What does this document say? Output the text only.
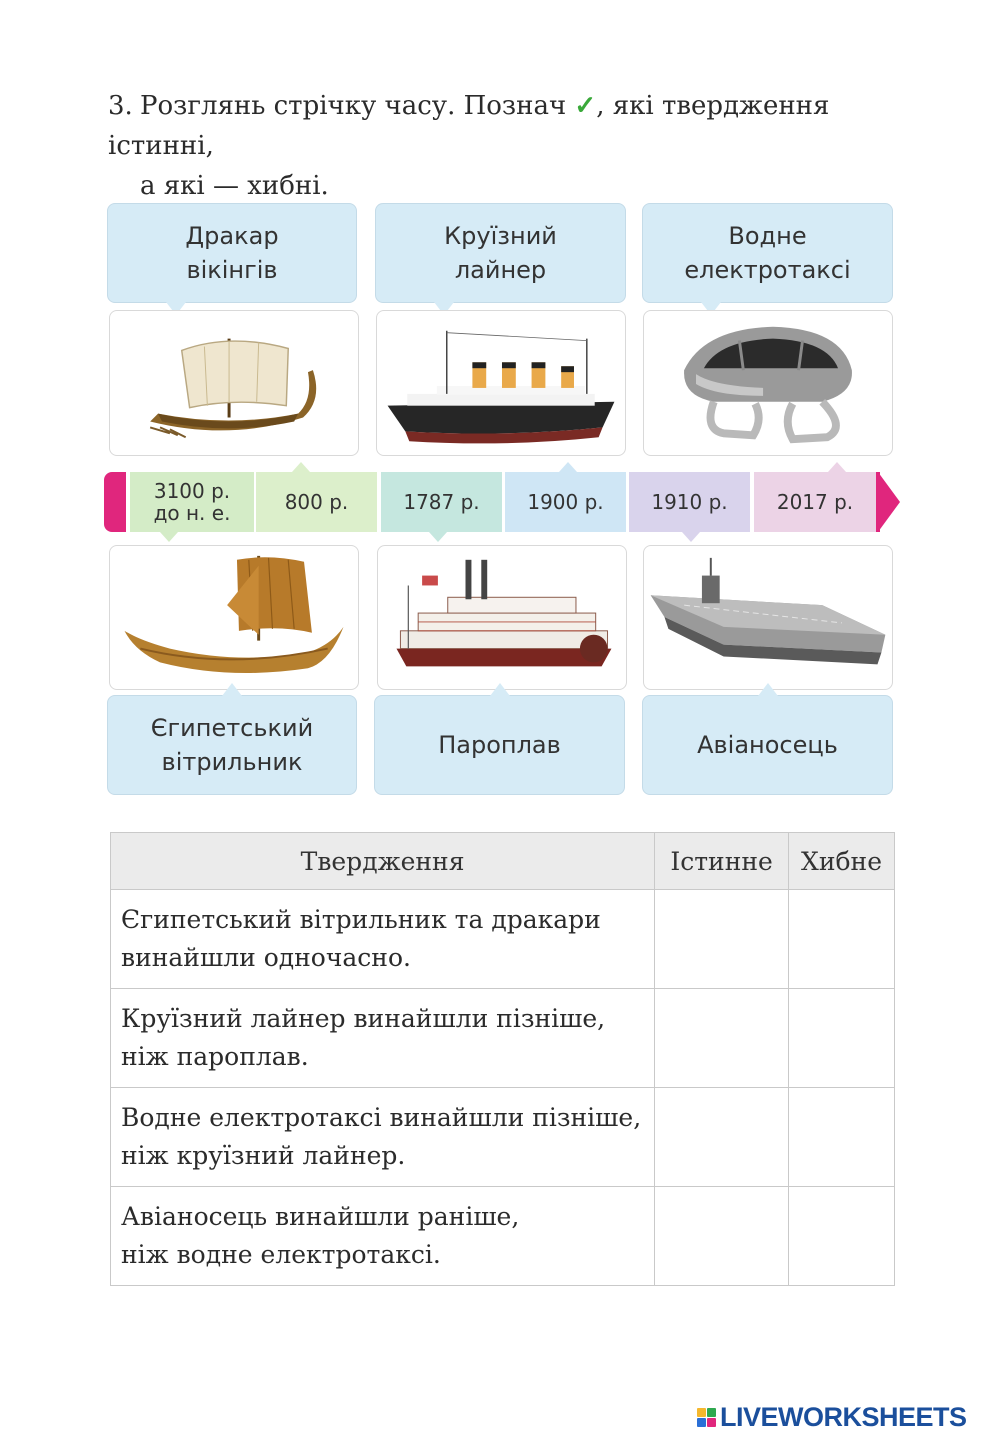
3. Розглянь стрічку часу. Познач ✓, які твердження істинні,
а які — хибні.
Дракар
вікінгів
Круїзний
лайнер
Водне
електротаксі
3100 р.
до н. е.	800 р.	1787 р. 1900 р. 1910 р. 2017 р.
Єгипетський
вітрильник
Пароплав	Авіаносець
Твердження	Істинне	Хибне
Єгипетський вітрильник та дракари
винайшли одночасно.		
Круїзний лайнер винайшли пізніше,
ніж пароплав.		
Водне електротаксі винайшли пізніше,
ніж круїзний лайнер.		
Авіаносець винайшли раніше,
ніж водне електротаксі.		
LIVEWORKSHEETS
